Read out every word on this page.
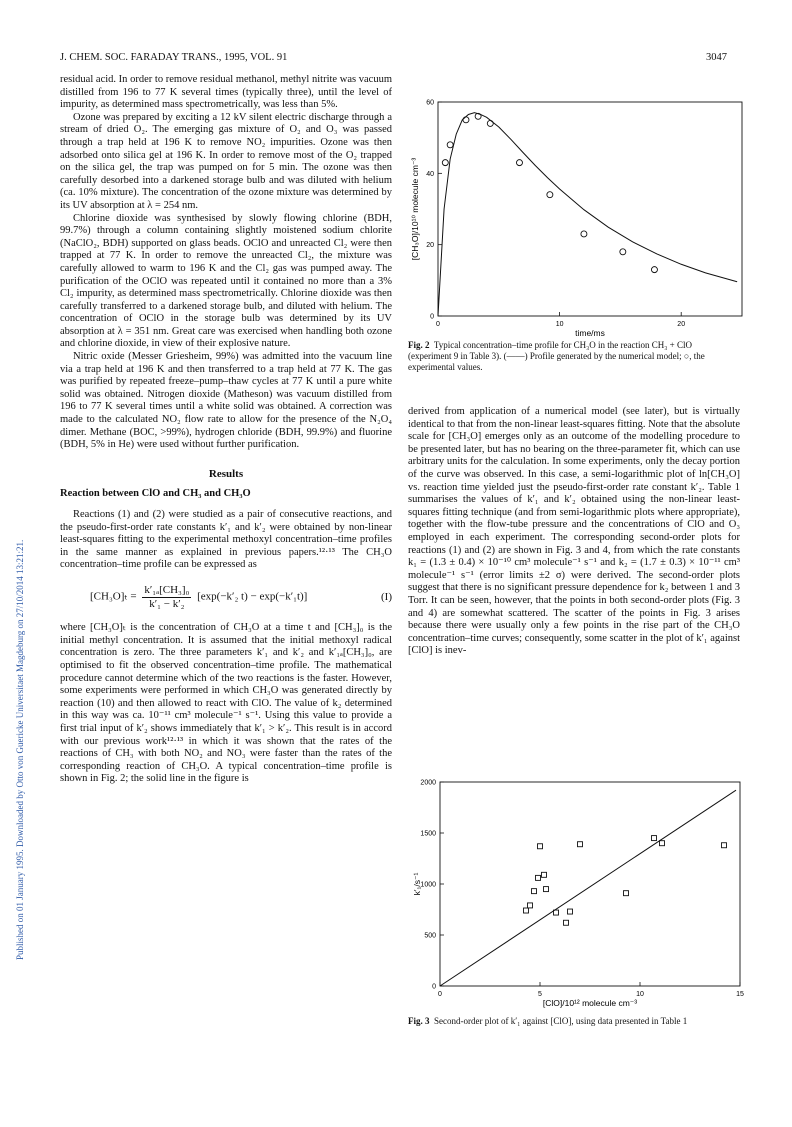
Published on 01 January 1995. Downloaded by Otto von Guericke Universitaet Magdeburg on 27/10/2014 13:21:21.
J. CHEM. SOC. FARADAY TRANS., 1995, VOL. 91	3047

residual acid. In order to remove residual methanol, methyl nitrite was vacuum distilled from 196 to 77 K several times (typically three), until the level of impurity, as determined mass spectrometrically, was less than 5%.

Ozone was prepared by exciting a 12 kV silent electric discharge through a stream of dried O₂. The emerging gas mixture of O₂ and O₃ was passed through a trap held at 196 K to remove NO₂ impurities. Ozone was then adsorbed onto silica gel at 196 K. In order to remove most of the O₂ trapped on the silica gel, the trap was pumped on for 5 min. The ozone was then carefully desorbed into a darkened storage bulb and was diluted with helium (ca. 10% mixture). The concentration of the ozone mixture was determined by its UV absorption at λ = 254 nm.

Chlorine dioxide was synthesised by slowly flowing chlorine (BDH, 99.7%) through a column containing slightly moistened sodium chlorite (NaClO₂, BDH) supported on glass beads. OClO and unreacted Cl₂ were then trapped at 77 K. In order to remove the unreacted Cl₂, the mixture was carefully allowed to warm to 196 K and the Cl₂ gas was pumped away. The purification of the OClO was repeated until it contained no more than a 3% Cl₂ impurity, as determined mass spectrometrically. Chlorine dioxide was then carefully transferred to a darkened storage bulb, and diluted with helium. The concentration of OClO in the storage bulb was determined by its UV absorption at λ = 351 nm. Great care was exercised when handling both ozone and chlorine dioxide, in view of their explosive nature.

Nitric oxide (Messer Griesheim, 99%) was admitted into the vacuum line via a trap held at 196 K and then transferred to a trap held at 77 K. The gas was purified by repeated freeze–pump–thaw cycles at 77 K until a pure white solid was obtained. Nitrogen dioxide (Matheson) was vacuum distilled from 196 to 77 K several times until a white solid was obtained. A correction was made to the calculated NO₂ flow rate to allow for the presence of the N₂O₄ dimer. Methane (BOC, >99%), hydrogen chloride (BDH, 99.9%) and fluorine (BDH, 5% in He) were used without further purification.

Results
Reaction between ClO and CH₃ and CH₃O

Reactions (1) and (2) were studied as a pair of consecutive reactions, and the pseudo-first-order rate constants k′₁ and k′₂ were obtained by non-linear least-squares fitting to the experimental methoxyl concentration–time profiles in the same manner as explained in previous papers.¹²·¹³ The CH₃O concentration–time profile can be expressed as

$[CH_3O]_t = \frac{\text{k′₁ₐ[CH₃]₀}}{\text{k′₁ − k′₂}} [\exp(-k'_2$ t) − exp(−k′₁t)]	(I)

where [CH₃O]ₜ is the concentration of CH₃O at a time t and [CH₃]₀ is the initial methyl concentration. It is assumed that the initial methoxyl radical concentration is zero. The three parameters k′₁ and k′₂ and k′₁ₐ[CH₃]₀, are optimised to fit the observed concentration–time profile. The mathematical procedure cannot determine which of the two reactions is the faster. However, some experiments were performed in which CH₃O was generated directly by reaction (10) and then allowed to react with ClO. The value of k₂ determined in this way was ca. 10⁻¹¹ cm³ molecule⁻¹ s⁻¹. Using this value to provide a first trial input of k′₂ shows immediately that k′₁ > k′₂. This result is in accord with our previous work¹²·¹³ in which it was shown that the rates of the reactions of CH₃ with both NO₂ and NO₃ were faster than the rates of the corresponding reaction of CH₃O. A typical concentration–time profile is shown in Fig. 2; the solid line in the figure is

0	10	20
0
20
40
60
time/ms
[CH₃O]/10¹⁰ molecule cm⁻³
Fig. 2 Typical concentration–time profile for CH₃O in the reaction CH₃ + ClO (experiment 9 in Table 3). (——) Profile generated by the numerical model; ○, the experimental values.

derived from application of a numerical model (see later), but is virtually identical to that from the non-linear least-squares fitting. Note that the absolute scale for [CH₃O] emerges only as an outcome of the modelling procedure to be presented later, but has no bearing on the three-parameter fit, which can use arbitrary units for the calculation. In some experiments, only the decay portion of the curve was observed. In this case, a semi-logarithmic plot of ln[CH₃O] vs. reaction time yielded just the pseudo-first-order rate constant k′₂. Table 1 summarises the values of k′₁ and k′₂ obtained using the non-linear least-squares fitting technique (and from semi-logarithmic plots where appropriate), together with the flow-tube pressure and the concentrations of ClO and O₃ employed in each experiment. The corresponding second-order plots for reactions (1) and (2) are shown in Fig. 3 and 4, from which the rate constants k₁ = (1.3 ± 0.4) × 10⁻¹⁰ cm³ molecule⁻¹ s⁻¹ and k₂ = (1.7 ± 0.3) × 10⁻¹¹ cm³ molecule⁻¹ s⁻¹ (error limits ±2 σ) were derived. The second-order plots suggest that there is no significant pressure dependence for k₂ between 1 and 3 Torr. It can be seen, however, that the points in both second-order plots (Fig. 3 and 4) are somewhat scattered. The scatter of the points in Fig. 3 arises because there were usually only a few points in the rise part of the CH₃O concentration–time curves; consequently, some scatter in the plot of k′₁ against [ClO] is inev-

0	5	10	15
0
500
1000
1500
2000
[ClO]/10¹² molecule cm⁻³
k′₁/s⁻¹
Fig. 3 Second-order plot of k′₁ against [ClO], using data presented in Table 1
